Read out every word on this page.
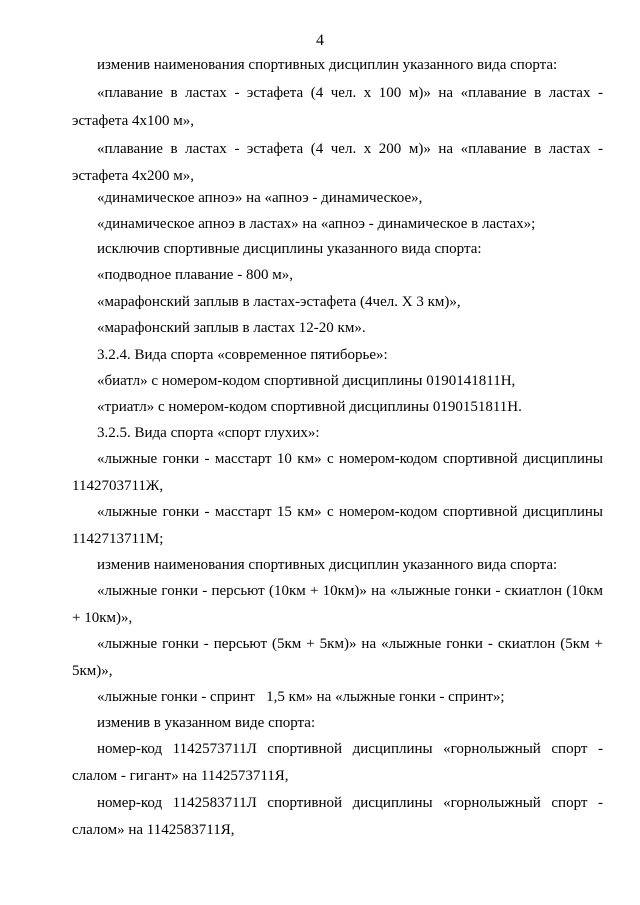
4
изменив наименования спортивных дисциплин указанного вида спорта:
«плавание в ластах - эстафета (4 чел. х 100 м)» на «плавание в ластах -
эстафета 4x100 м»,
«плавание в ластах - эстафета (4 чел. х 200 м)» на «плавание в ластах -
эстафета 4x200 м»,
«динамическое апноэ» на «апноэ - динамическое»,
«динамическое апноэ в ластах» на «апноэ - динамическое в ластах»;
исключив спортивные дисциплины указанного вида спорта:
«подводное плавание - 800 м»,
«марафонский заплыв в ластах-эстафета (4чел. X 3 км)»,
«марафонский заплыв в ластах 12-20 км».
3.2.4. Вида спорта «современное пятиборье»:
«биатл» с номером-кодом спортивной дисциплины 0190141811Н,
«триатл» с номером-кодом спортивной дисциплины 0190151811Н.
3.2.5. Вида спорта «спорт глухих»:
«лыжные гонки - масстарт 10 км» с номером-кодом спортивной дисциплины
1142703711Ж,
«лыжные гонки - масстарт 15 км» с номером-кодом спортивной дисциплины
1142713711М;
изменив наименования спортивных дисциплин указанного вида спорта:
«лыжные гонки - персьют (10км + 10км)» на «лыжные гонки - скиатлон (10км
+ 10км)»,
«лыжные гонки - персьют (5км + 5км)» на «лыжные гонки - скиатлон (5км +
5км)»,
«лыжные гонки - спринт   1,5 км» на «лыжные гонки - спринт»;
изменив в указанном виде спорта:
номер-код 1142573711Л спортивной дисциплины «горнолыжный спорт -
слалом - гигант» на 1142573711Я,
номер-код 1142583711Л спортивной дисциплины «горнолыжный спорт -
слалом» на 1142583711Я,
